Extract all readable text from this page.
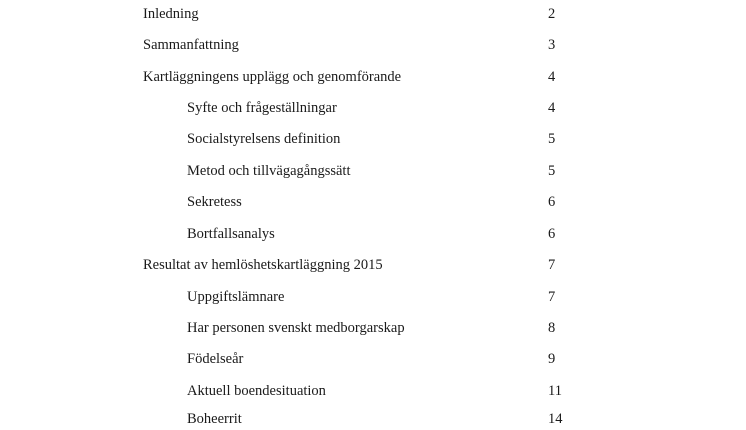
Inledning	2
Sammanfattning	3
Kartläggningens upplägg och genomförande	4
Syfte och frågeställningar	4
Socialstyrelsens definition	5
Metod och tillvägagångssätt	5
Sekretess	6
Bortfallsanalys	6
Resultat av hemlöshetskartläggning 2015	7
Uppgiftslämnare	7
Har personen svenskt medborgarskap	8
Födelseår	9
Aktuell boendesituation	11
Boheerrit	14
